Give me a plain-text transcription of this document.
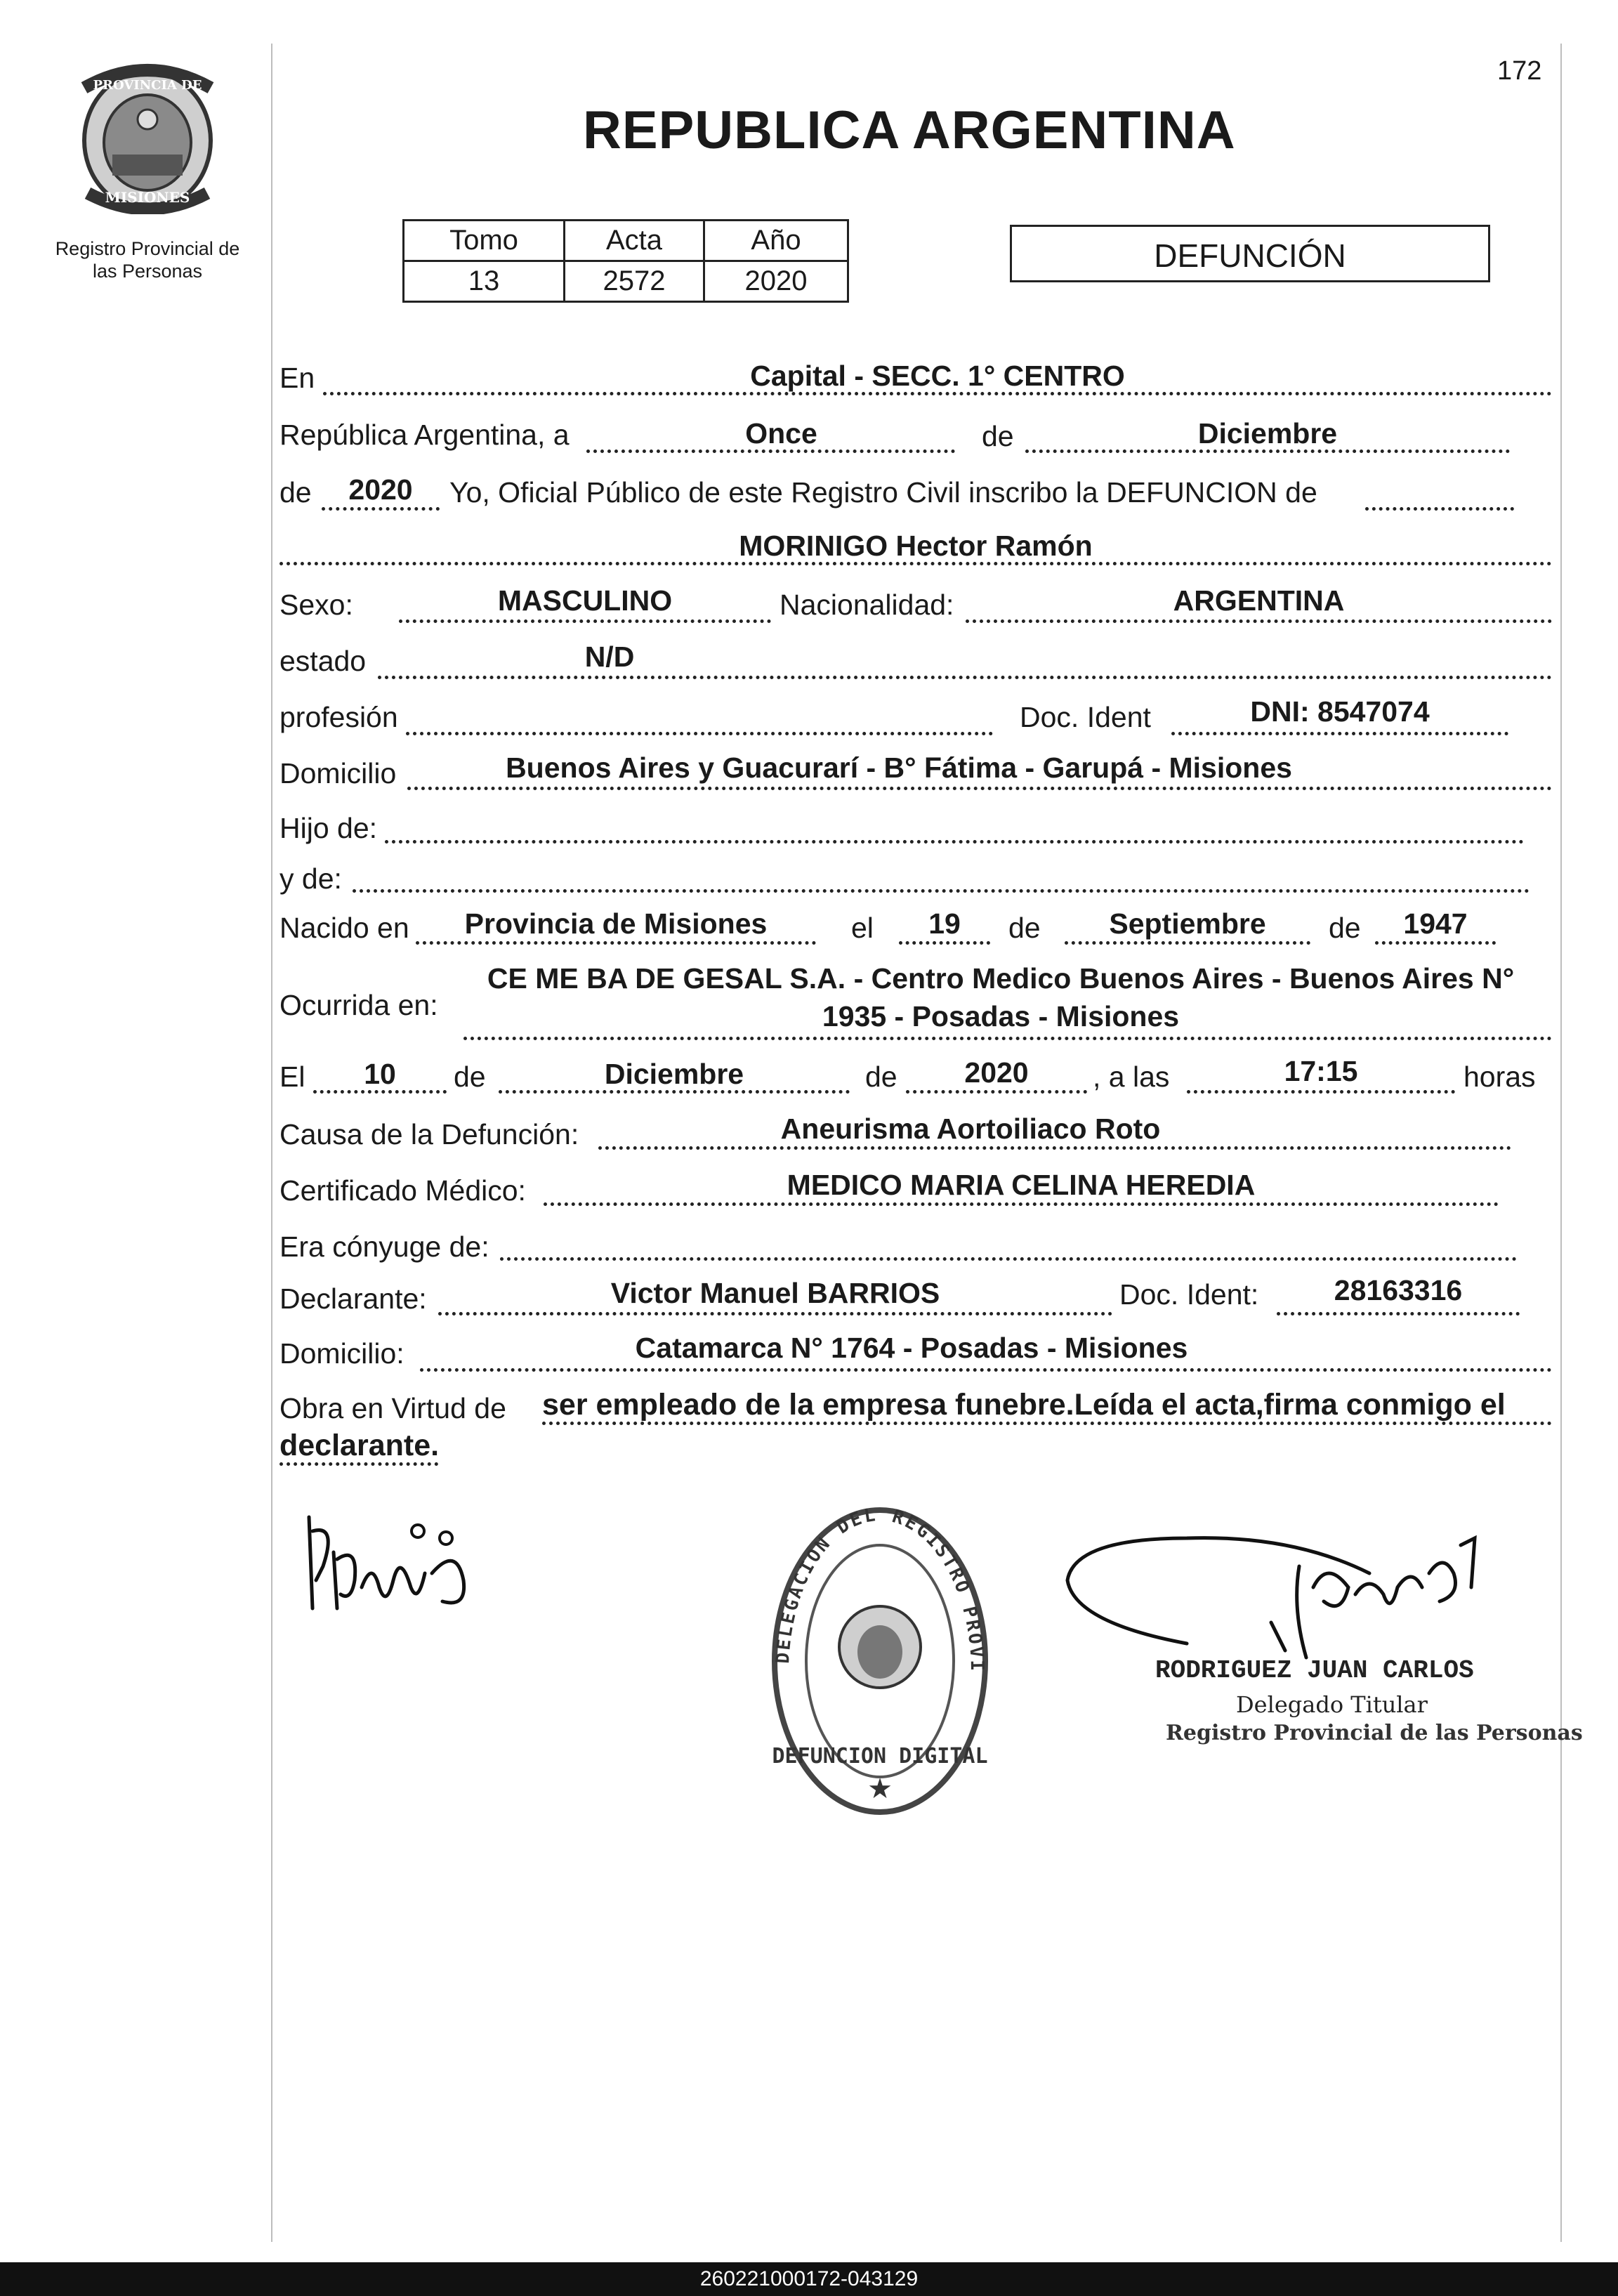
172
PROVINCIA DE
MISIONES
Registro Provincial de
las Personas
REPUBLICA ARGENTINA
Tomo	Acta	Año
13	2572	2020
DEFUNCIÓN
En	Capital - SECC. 1° CENTRO
República Argentina, a	Once	de	Diciembre
de	2020	Yo, Oficial Público de este Registro Civil inscribo la DEFUNCION de
MORINIGO Hector Ramón
Sexo:	MASCULINO	Nacionalidad:	ARGENTINA
estado	N/D
profesión	Doc. Ident	DNI: 8547074
Domicilio	Buenos Aires y Guacurarí - B° Fátima - Garupá - Misiones
Hijo de:
y de:
Nacido en	Provincia de Misiones	el	19	de	Septiembre	de	1947
Ocurrida en:
CE ME BA DE GESAL S.A. - Centro Medico Buenos Aires - Buenos Aires N°
1935 - Posadas - Misiones
El	10	de	Diciembre	de	2020	, a las	17:15	horas
Causa de la Defunción:	Aneurisma Aortoiliaco Roto
Certificado Médico:	MEDICO MARIA CELINA HEREDIA
Era cónyuge de:
Declarante:	Victor Manuel BARRIOS	Doc. Ident:	28163316
Domicilio:	Catamarca N° 1764 - Posadas - Misiones
Obra en Virtud de ser empleado de la empresa funebre.Leída el acta,firma conmigo el
declarante.
DELEGACION DEL REGISTRO PROVI
DEFUNCION DIGITAL
★
RODRIGUEZ JUAN CARLOS
Delegado Titular
Registro Provincial de las Personas
260221000172-043129
